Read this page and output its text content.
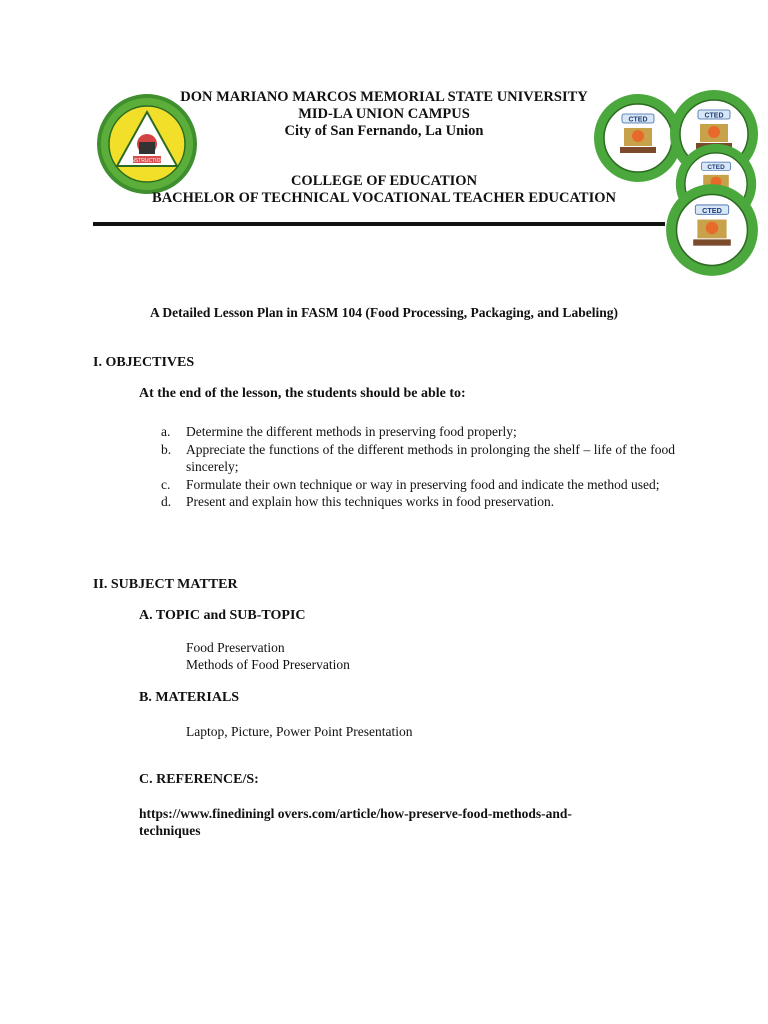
INSTRUCTION
CTED
CTED
CTED
CTED
DON MARIANO MARCOS MEMORIAL STATE UNIVERSITY
MID-LA UNION CAMPUS
City of San Fernando, La Union
COLLEGE OF EDUCATION
BACHELOR OF TECHNICAL VOCATIONAL TEACHER EDUCATION
A Detailed Lesson Plan in FASM 104 (Food Processing, Packaging, and Labeling)
I. OBJECTIVES
At the end of the lesson, the students should be able to:
a.	Determine the different methods in preserving food properly;
b.	Appreciate the functions of the different methods in prolonging the shelf – life of the food sincerely;
c.	Formulate their own technique or way in preserving food and indicate the method used;
d.	Present and explain how this techniques works in food preservation.
II. SUBJECT MATTER
A. TOPIC and SUB-TOPIC
Food Preservation
Methods of Food Preservation
B. MATERIALS
Laptop, Picture, Power Point Presentation
C. REFERENCE/S:
https://www.finediningl overs.com/article/how-preserve-food-methods-and-
techniques
